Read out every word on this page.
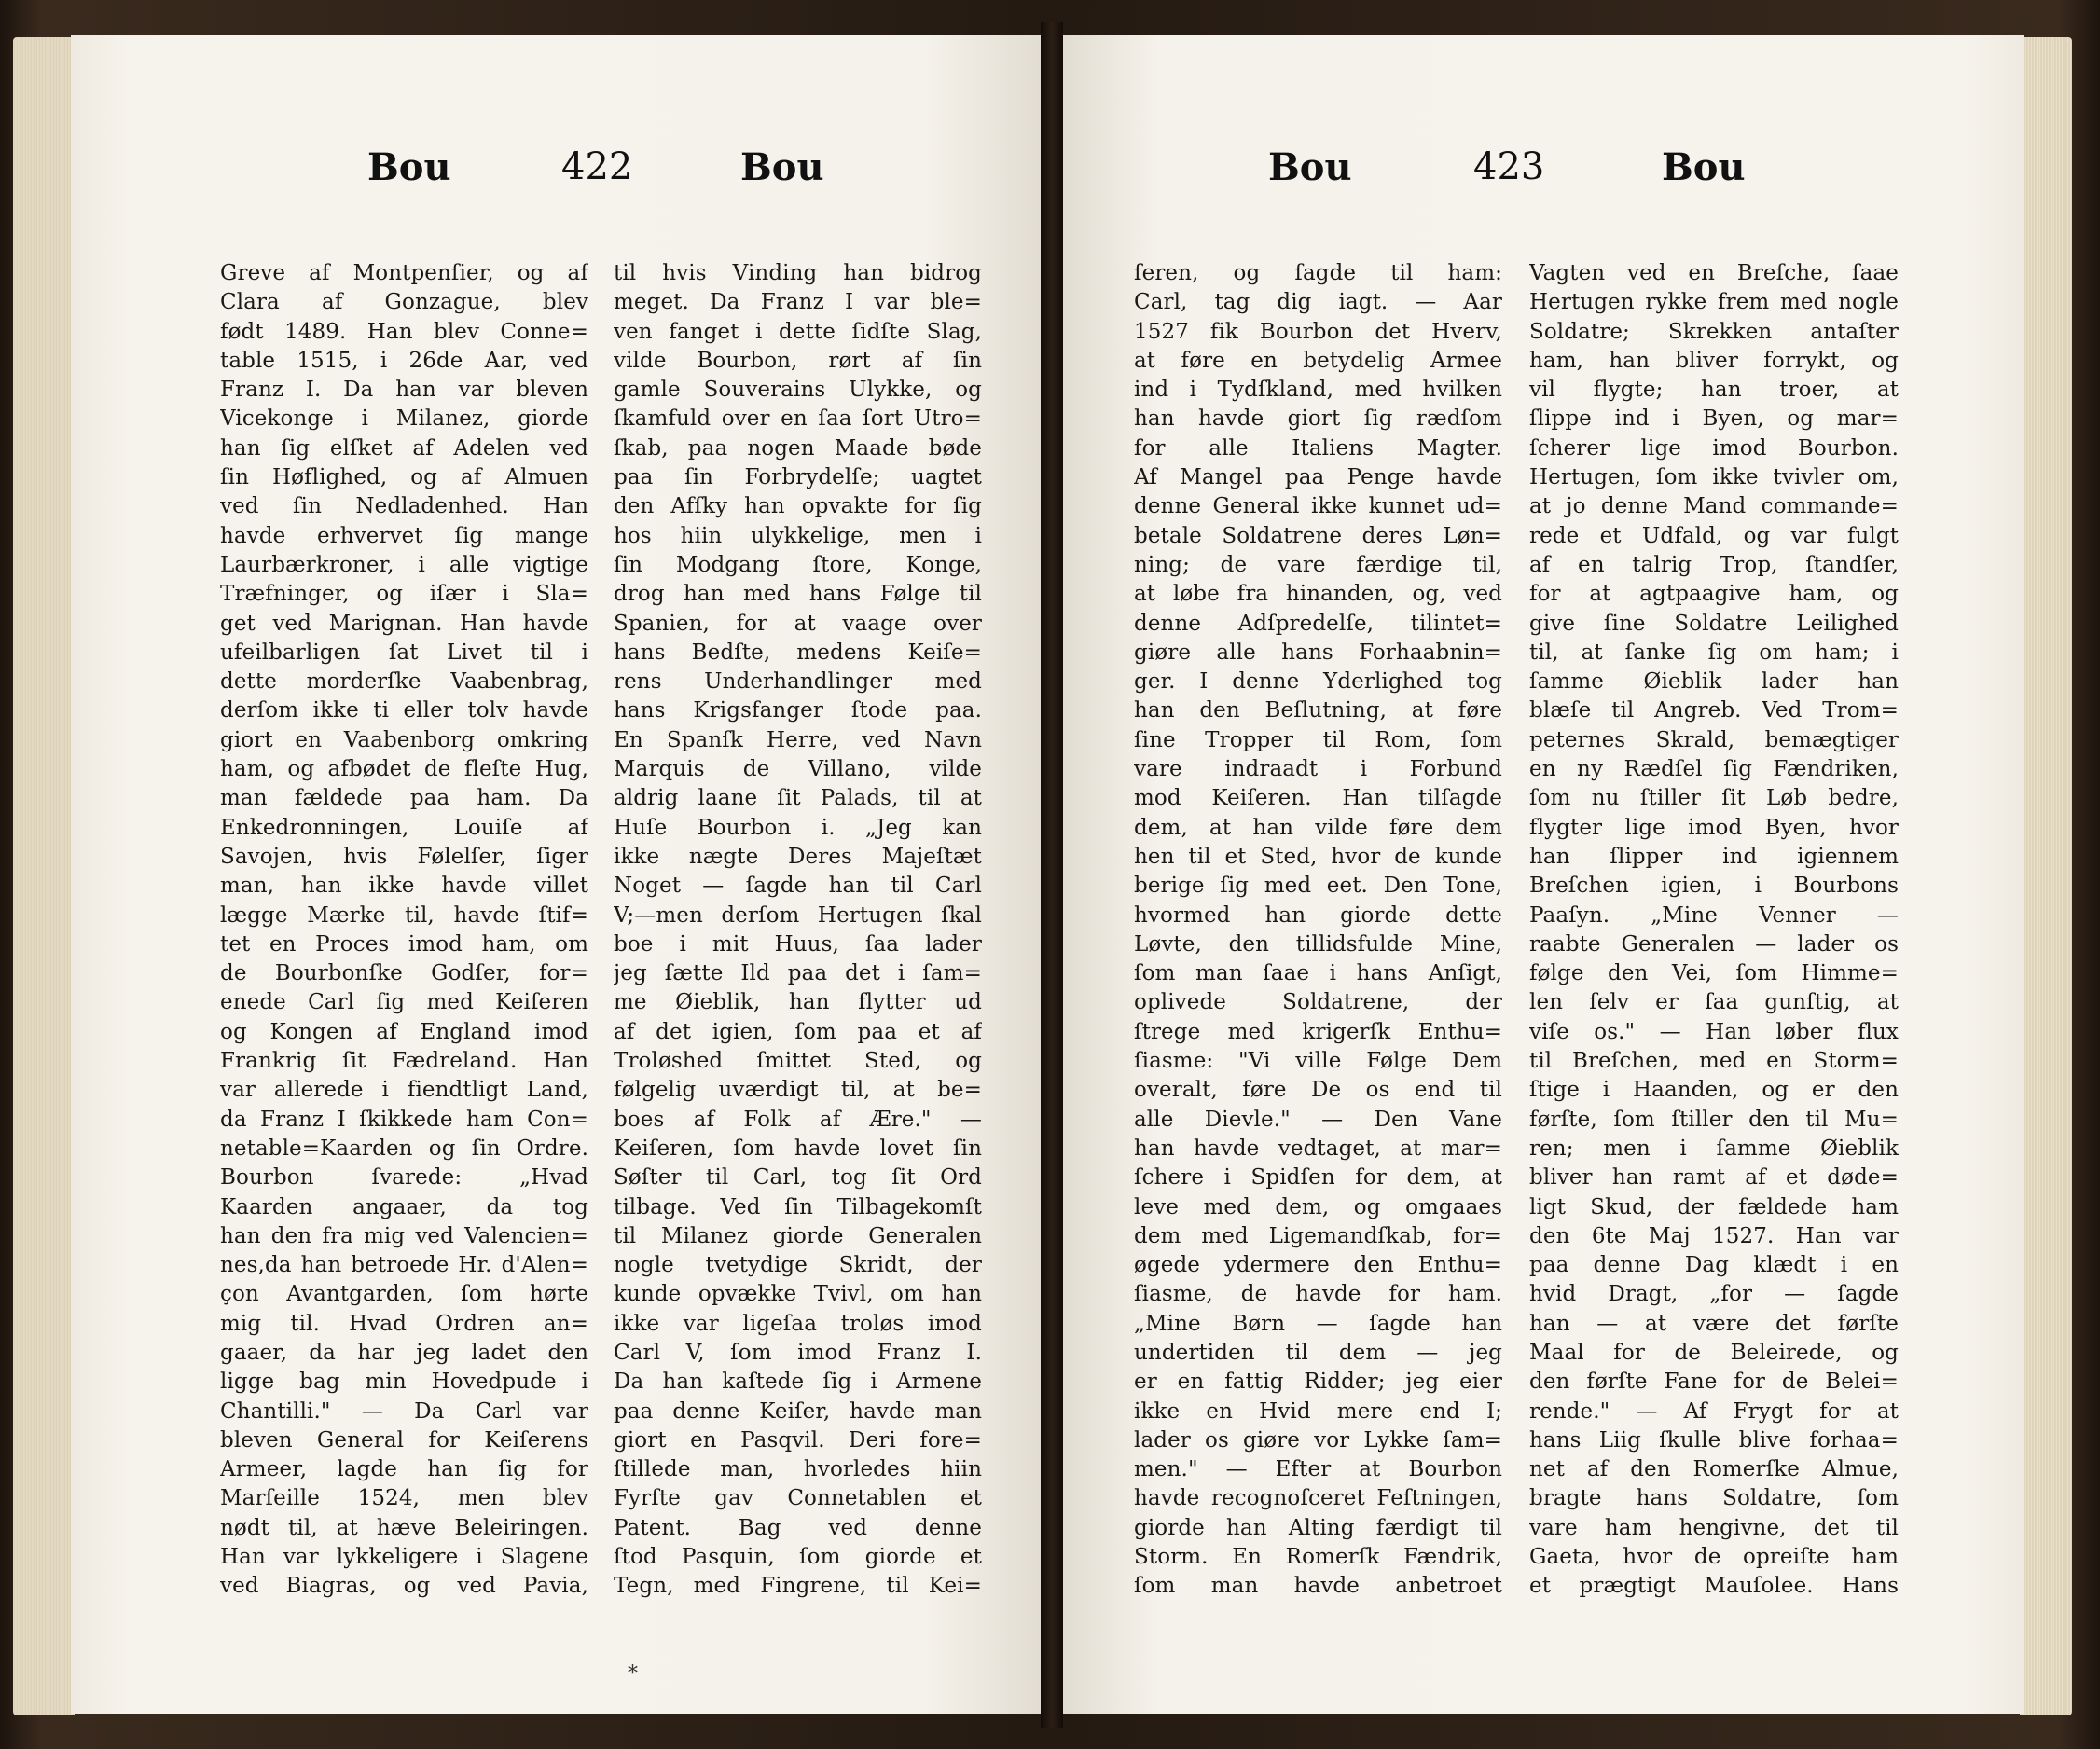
Bou	422	Bou
Greve af Montpenſier, og af
Clara af Gonzague, blev
født 1489. Han blev Conne=
table 1515, i 26de Aar, ved
Franz I. Da han var bleven
Vicekonge i Milanez, giorde
han ſig elſket af Adelen ved
ſin Høflighed, og af Almuen
ved ſin Nedladenhed. Han
havde erhvervet ſig mange
Laurbærkroner, i alle vigtige
Træfninger, og iſær i Sla=
get ved Marignan. Han havde
ufeilbarligen ſat Livet til i
dette morderſke Vaabenbrag,
derſom ikke ti eller tolv havde
giort en Vaabenborg omkring
ham, og afbødet de fleſte Hug,
man fældede paa ham. Da
Enkedronningen, Louiſe af
Savojen, hvis Følelſer, ſiger
man, han ikke havde villet
lægge Mærke til, havde ſtif=
tet en Proces imod ham, om
de Bourbonſke Godſer, for=
enede Carl ſig med Keiſeren
og Kongen af England imod
Frankrig ſit Fædreland. Han
var allerede i fiendtligt Land,
da Franz I ſkikkede ham Con=
netable=Kaarden og ſin Ordre.
Bourbon ſvarede: „Hvad
Kaarden angaaer, da tog
han den fra mig ved Valencien=
nes,da han betroede Hr. d'Alen=
çon Avantgarden, ſom hørte
mig til. Hvad Ordren an=
gaaer, da har jeg ladet den
ligge bag min Hovedpude i
Chantilli." — Da Carl var
bleven General for Keiſerens
Armeer, lagde han ſig for
Marſeille 1524, men blev
nødt til, at hæve Beleiringen.
Han var lykkeligere i Slagene
ved Biagras, og ved Pavia,
til hvis Vinding han bidrog
meget. Da Franz I var ble=
ven fanget i dette ſidſte Slag,
vilde Bourbon, rørt af ſin
gamle Souverains Ulykke, og
ſkamfuld over en ſaa ſort Utro=
ſkab, paa nogen Maade bøde
paa ſin Forbrydelſe; uagtet
den Afſky han opvakte for ſig
hos hiin ulykkelige, men i
ſin Modgang ſtore, Konge,
drog han med hans Følge til
Spanien, for at vaage over
hans Bedſte, medens Keiſe=
rens Underhandlinger med
hans Krigsfanger ſtode paa.
En Spanſk Herre, ved Navn
Marquis de Villano, vilde
aldrig laane ſit Palads, til at
Huſe Bourbon i. „Jeg kan
ikke nægte Deres Majeſtæt
Noget — ſagde han til Carl
V;—men derſom Hertugen ſkal
boe i mit Huus, ſaa lader
jeg ſætte Ild paa det i ſam=
me Øieblik, han flytter ud
af det igien, ſom paa et af
Troløshed ſmittet Sted, og
følgelig uværdigt til, at be=
boes af Folk af Ære." —
Keiſeren, ſom havde lovet ſin
Søſter til Carl, tog ſit Ord
tilbage. Ved ſin Tilbagekomſt
til Milanez giorde Generalen
nogle tvetydige Skridt, der
kunde opvække Tvivl, om han
ikke var ligeſaa troløs imod
Carl V, ſom imod Franz I.
Da han kaſtede ſig i Armene
paa denne Keiſer, havde man
giort en Pasqvil. Deri fore=
ſtillede man, hvorledes hiin
Fyrſte gav Connetablen et
Patent. Bag ved denne
ſtod Pasquin, ſom giorde et
Tegn, med Fingrene, til Kei=
*
Bou	423	Bou
ſeren, og ſagde til ham:
Carl, tag dig iagt. — Aar
1527 fik Bourbon det Hverv,
at føre en betydelig Armee
ind i Tydſkland, med hvilken
han havde giort ſig rædſom
for alle Italiens Magter.
Af Mangel paa Penge havde
denne General ikke kunnet ud=
betale Soldatrene deres Løn=
ning; de vare færdige til,
at løbe fra hinanden, og, ved
denne Adſpredelſe, tilintet=
giøre alle hans Forhaabnin=
ger. I denne Yderlighed tog
han den Beſlutning, at føre
ſine Tropper til Rom, ſom
vare indraadt i Forbund
mod Keiſeren. Han tilſagde
dem, at han vilde føre dem
hen til et Sted, hvor de kunde
berige ſig med eet. Den Tone,
hvormed han giorde dette
Løvte, den tillidsfulde Mine,
ſom man ſaae i hans Anſigt,
oplivede Soldatrene, der
ſtrege med krigerſk Enthu=
ſiasme: "Vi ville Følge Dem
overalt, føre De os end til
alle Dievle." — Den Vane
han havde vedtaget, at mar=
ſchere i Spidſen for dem, at
leve med dem, og omgaaes
dem med Ligemandſkab, for=
øgede ydermere den Enthu=
ſiasme, de havde for ham.
„Mine Børn — ſagde han
undertiden til dem — jeg
er en fattig Ridder; jeg eier
ikke en Hvid mere end I;
lader os giøre vor Lykke ſam=
men." — Efter at Bourbon
havde recognoſceret Feſtningen,
giorde han Alting færdigt til
Storm. En Romerſk Fændrik,
ſom man havde anbetroet
Vagten ved en Breſche, ſaae
Hertugen rykke frem med nogle
Soldatre; Skrekken antaſter
ham, han bliver forrykt, og
vil flygte; han troer, at
ſlippe ind i Byen, og mar=
ſcherer lige imod Bourbon.
Hertugen, ſom ikke tvivler om,
at jo denne Mand commande=
rede et Udfald, og var fulgt
af en talrig Trop, ſtandſer,
for at agtpaagive ham, og
give ſine Soldatre Leilighed
til, at ſanke ſig om ham; i
ſamme Øieblik lader han
blæſe til Angreb. Ved Trom=
peternes Skrald, bemægtiger
en ny Rædſel ſig Fændriken,
ſom nu ſtiller ſit Løb bedre,
flygter lige imod Byen, hvor
han ſlipper ind igiennem
Breſchen igien, i Bourbons
Paaſyn. „Mine Venner —
raabte Generalen — lader os
følge den Vei, ſom Himme=
len ſelv er ſaa gunſtig, at
viſe os." — Han løber flux
til Breſchen, med en Storm=
ſtige i Haanden, og er den
førſte, ſom ſtiller den til Mu=
ren; men i ſamme Øieblik
bliver han ramt af et døde=
ligt Skud, der fældede ham
den 6te Maj 1527. Han var
paa denne Dag klædt i en
hvid Dragt, „for — ſagde
han — at være det førſte
Maal for de Beleirede, og
den førſte Fane for de Belei=
rende." — Af Frygt for at
hans Liig ſkulle blive forhaa=
net af den Romerſke Almue,
bragte hans Soldatre, ſom
vare ham hengivne, det til
Gaeta, hvor de opreiſte ham
et prægtigt Mauſolee. Hans
